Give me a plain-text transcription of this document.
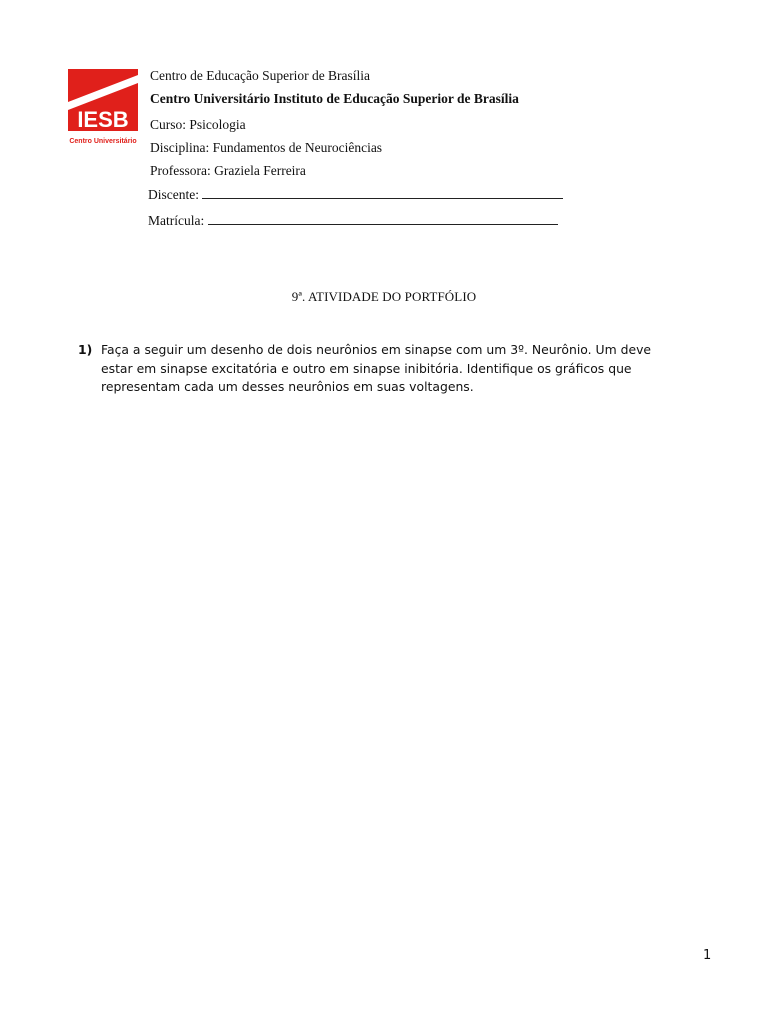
IESB
Centro Universitário
Centro de Educação Superior de Brasília
Centro Universitário Instituto de Educação Superior de Brasília
Curso: Psicologia
Disciplina: Fundamentos de Neurociências
Professora: Graziela Ferreira
Discente:
Matrícula:
9ª. ATIVIDADE DO PORTFÓLIO
1) Faça a seguir um desenho de dois neurônios em sinapse com um 3º. Neurônio. Um deve
estar em sinapse excitatória e outro em sinapse inibitória. Identifique os gráficos que
representam cada um desses neurônios em suas voltagens.
1
